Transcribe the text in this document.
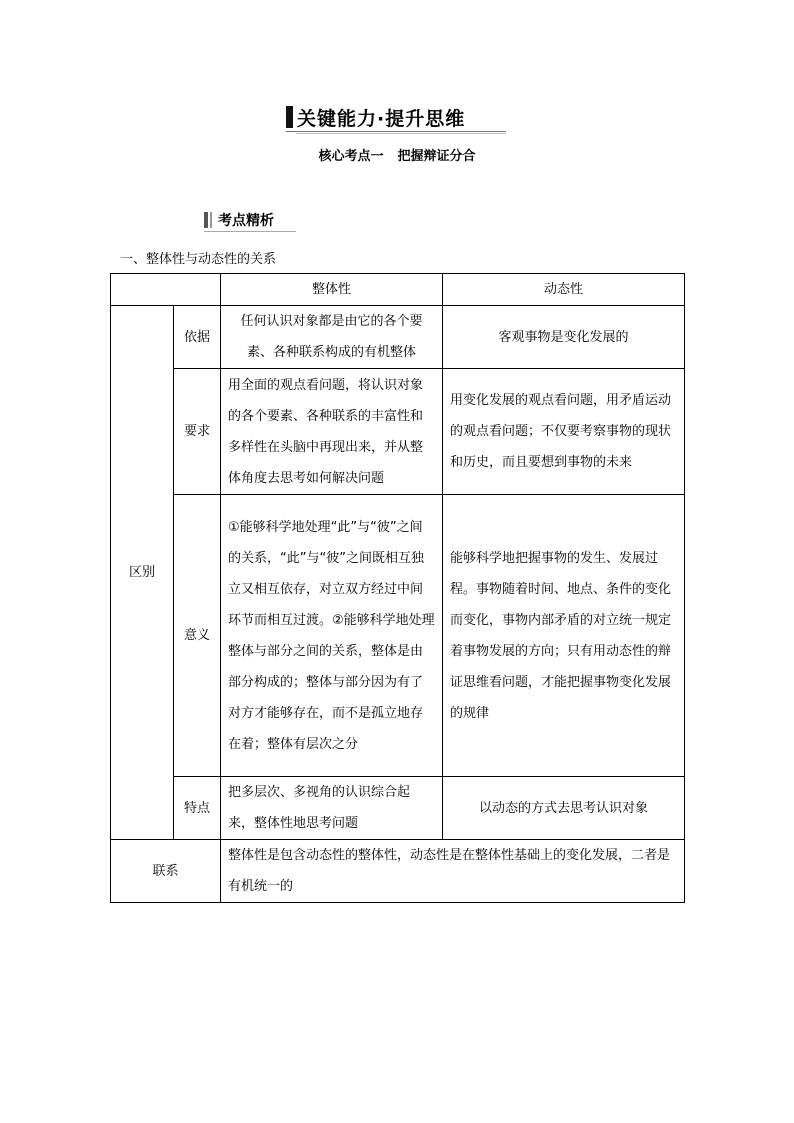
关键能力·提升思维
核心考点一 把握辩证分合
考点精析
一、整体性与动态性的关系
		整体性	动态性
区别	依据	任何认识对象都是由它的各个要素、各种联系构成的有机整体	客观事物是变化发展的
	要求	用全面的观点看问题，将认识对象的各个要素、各种联系的丰富性和多样性在头脑中再现出来，并从整体角度去思考如何解决问题	用变化发展的观点看问题，用矛盾运动的观点看问题；不仅要考察事物的现状和历史，而且要想到事物的未来
	意义	①能够科学地处理“此”与“彼”之间的关系，“此”与“彼”之间既相互独立又相互依存，对立双方经过中间环节而相互过渡。②能够科学地处理整体与部分之间的关系，整体是由部分构成的；整体与部分因为有了对方才能够存在，而不是孤立地存在着；整体有层次之分	能够科学地把握事物的发生、发展过程。事物随着时间、地点、条件的变化而变化，事物内部矛盾的对立统一规定着事物发展的方向；只有用动态性的辩证思维看问题，才能把握事物变化发展的规律
	特点	把多层次、多视角的认识综合起来，整体性地思考问题	以动态的方式去思考认识对象
联系		整体性是包含动态性的整体性，动态性是在整体性基础上的变化发展，二者是有机统一的	
